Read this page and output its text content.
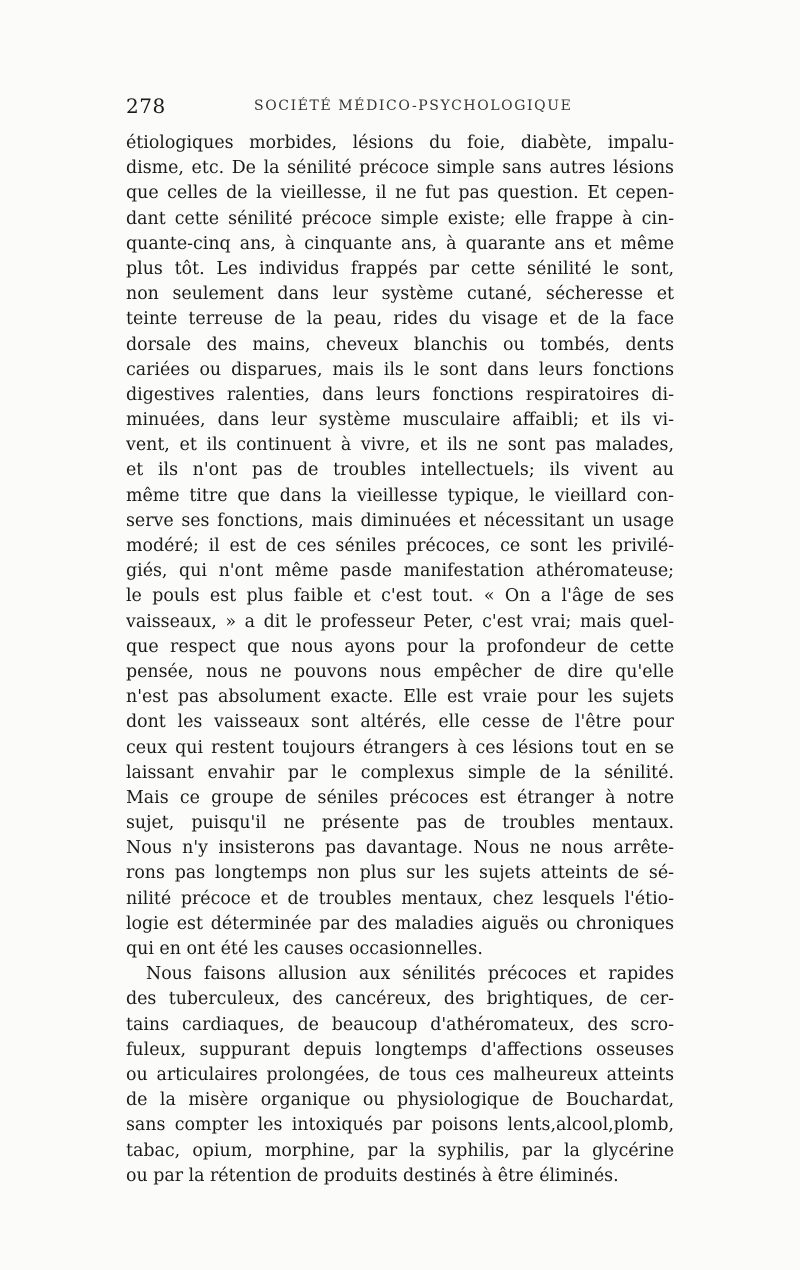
278	SOCIÉTÉ MÉDICO-PSYCHOLOGIQUE
étiologiques morbides, lésions du foie, diabète, impalu-
disme, etc. De la sénilité précoce simple sans autres lésions
que celles de la vieillesse, il ne fut pas question. Et cepen-
dant cette sénilité précoce simple existe; elle frappe à cin-
quante-cinq ans, à cinquante ans, à quarante ans et même
plus tôt. Les individus frappés par cette sénilité le sont,
non seulement dans leur système cutané, sécheresse et
teinte terreuse de la peau, rides du visage et de la face
dorsale des mains, cheveux blanchis ou tombés, dents
cariées ou disparues, mais ils le sont dans leurs fonctions
digestives ralenties, dans leurs fonctions respiratoires di-
minuées, dans leur système musculaire affaibli; et ils vi-
vent, et ils continuent à vivre, et ils ne sont pas malades,
et ils n'ont pas de troubles intellectuels; ils vivent au
même titre que dans la vieillesse typique, le vieillard con-
serve ses fonctions, mais diminuées et nécessitant un usage
modéré; il est de ces séniles précoces, ce sont les privilé-
giés, qui n'ont même pasde manifestation athéromateuse;
le pouls est plus faible et c'est tout. « On a l'âge de ses
vaisseaux, » a dit le professeur Peter, c'est vrai; mais quel-
que respect que nous ayons pour la profondeur de cette
pensée, nous ne pouvons nous empêcher de dire qu'elle
n'est pas absolument exacte. Elle est vraie pour les sujets
dont les vaisseaux sont altérés, elle cesse de l'être pour
ceux qui restent toujours étrangers à ces lésions tout en se
laissant envahir par le complexus simple de la sénilité.
Mais ce groupe de séniles précoces est étranger à notre
sujet, puisqu'il ne présente pas de troubles mentaux.
Nous n'y insisterons pas davantage. Nous ne nous arrête-
rons pas longtemps non plus sur les sujets atteints de sé-
nilité précoce et de troubles mentaux, chez lesquels l'étio-
logie est déterminée par des maladies aiguës ou chroniques
qui en ont été les causes occasionnelles.
Nous faisons allusion aux sénilités précoces et rapides
des tuberculeux, des cancéreux, des brightiques, de cer-
tains cardiaques, de beaucoup d'athéromateux, des scro-
fuleux, suppurant depuis longtemps d'affections osseuses
ou articulaires prolongées, de tous ces malheureux atteints
de la misère organique ou physiologique de Bouchardat,
sans compter les intoxiqués par poisons lents,alcool,plomb,
tabac, opium, morphine, par la syphilis, par la glycérine
ou par la rétention de produits destinés à être éliminés.
